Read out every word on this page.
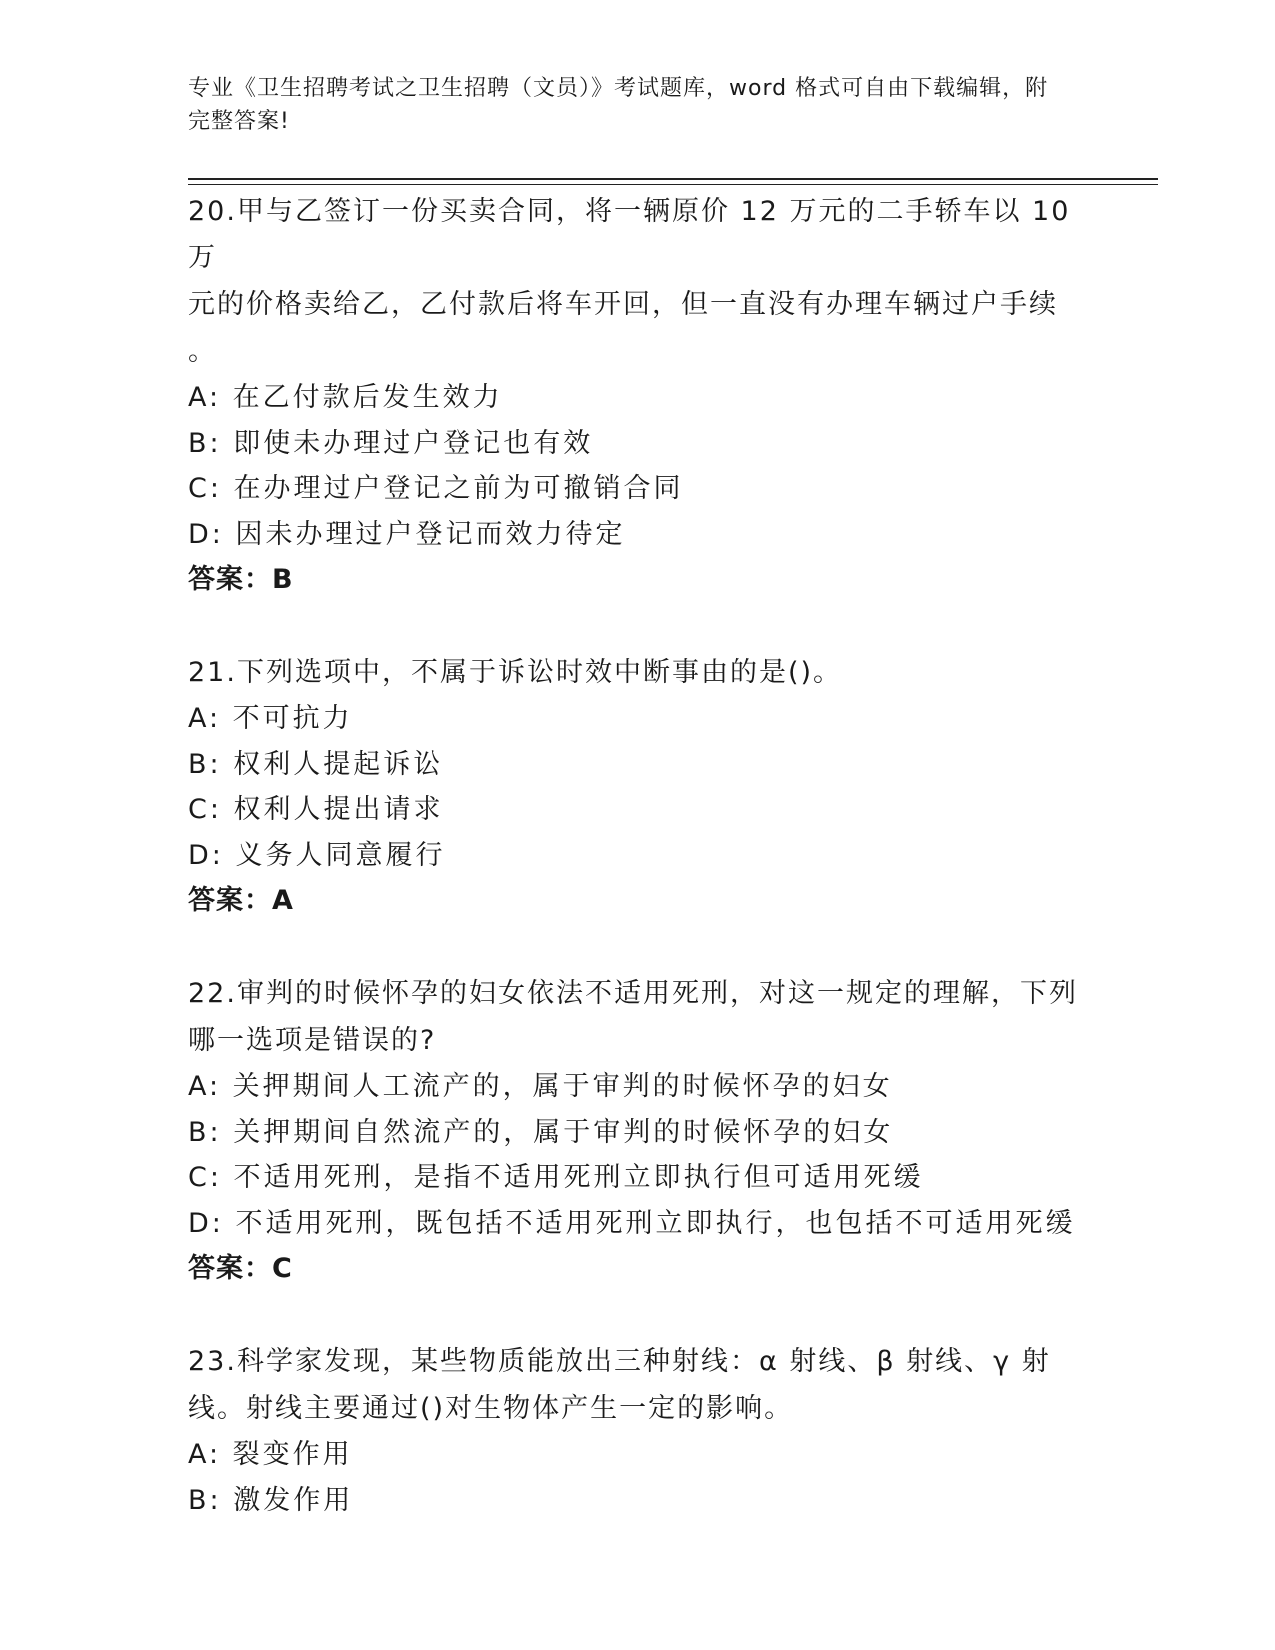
专业《卫生招聘考试之卫生招聘（文员）》考试题库，word 格式可自由下载编辑，附完整答案!
20.甲与乙签订一份买卖合同，将一辆原价 12 万元的二手轿车以 10 万
元的价格卖给乙，乙付款后将车开回，但一直没有办理车辆过户手续
。
A: 在乙付款后发生效力
B: 即使未办理过户登记也有效
C: 在办理过户登记之前为可撤销合同
D: 因未办理过户登记而效力待定
答案：B
21.下列选项中，不属于诉讼时效中断事由的是()。
A: 不可抗力
B: 权利人提起诉讼
C: 权利人提出请求
D: 义务人同意履行
答案：A
22.审判的时候怀孕的妇女依法不适用死刑，对这一规定的理解，下列
哪一选项是错误的?
A: 关押期间人工流产的，属于审判的时候怀孕的妇女
B: 关押期间自然流产的，属于审判的时候怀孕的妇女
C: 不适用死刑，是指不适用死刑立即执行但可适用死缓
D: 不适用死刑，既包括不适用死刑立即执行，也包括不可适用死缓
答案：C
23.科学家发现，某些物质能放出三种射线：α 射线、β 射线、γ 射
线。射线主要通过()对生物体产生一定的影响。
A: 裂变作用
B: 激发作用
